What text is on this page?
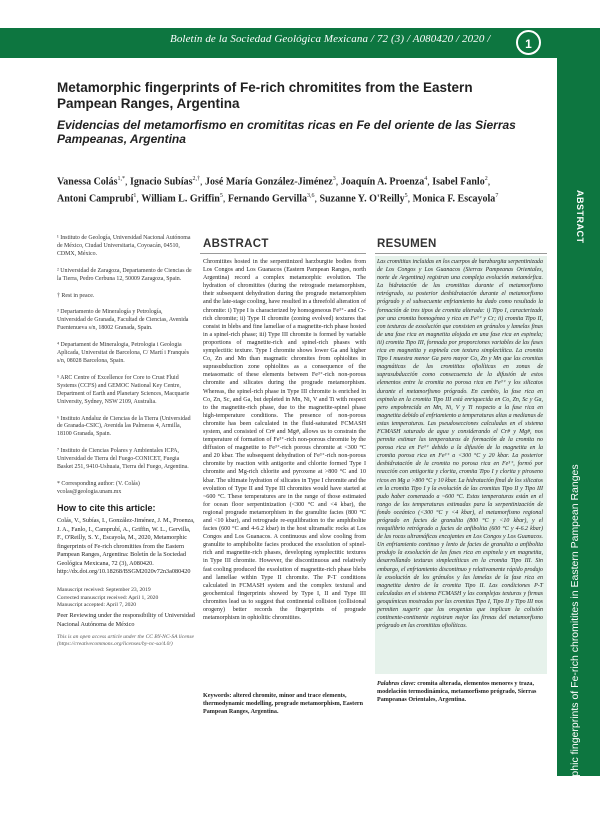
Boletín de la Sociedad Geológica Mexicana / 72 (3) / A080420 / 2020 /	1
ABSTRACT
Metamorphic fingerprints of Fe-rich chromitites in Eastern Pampean Ranges
Metamorphic fingerprints of Fe-rich chromitites from the Eastern Pampean Ranges, Argentina
Evidencias del metamorfismo en cromititas ricas en Fe del oriente de las Sierras Pampeanas, Argentina
Vanessa Colás$^{1,*}$, Ignacio Subías$^{2,\dagger}$, José María González-Jiménez$^3$, Joaquín A. Proenza$^4$, Isabel Fanlo$^2$,
Antoni Camprubí$^1$, William L. Griffin$^5$, Fernando Gervilla$^{3,6}$, Suzanne Y. O'Reilly$^5$, Monica F. Escayola$^7$

¹ Instituto de Geología, Universidad Nacional Autónoma de México, Ciudad Universitaria, Coyoacán, 04510, CDMX, México.

² Universidad de Zaragoza, Departamento de Ciencias de la Tierra, Pedro Cerbuna 12, 50009 Zaragoza, Spain.

† Rest in peace.

³ Departamento de Mineralogía y Petrología, Universidad de Granada, Facultad de Ciencias, Avenida Fuentenueva s/n, 18002 Granada, Spain.

⁴ Departament de Mineralogia, Petrologia i Geologia Aplicada, Universitat de Barcelona, C/ Martí i Franquès s/n, 08028 Barcelona, Spain.

⁵ ARC Centre of Excellence for Core to Crust Fluid Systems (CCFS) and GEMOC National Key Centre, Department of Earth and Planetary Sciences, Macquarie University, Sydney, NSW 2109, Australia.

⁶ Instituto Andaluz de Ciencias de la Tierra (Universidad de Granada-CSIC), Avenida las Palmeras 4, Armilla, 18100 Granada, Spain.

⁷ Instituto de Ciencias Polares y Ambientales ICPA, Universidad de Tierra del Fuego-CONICET, Fuegia Basket 251, 9410-Ushuaia, Tierra del Fuego, Argentina.

* Corresponding author: (V. Colás) vcolas@geologia.unam.mx

How to cite this article:
Colás, V., Subías, I., González-Jiménez, J. M., Proenza, J. A., Fanlo, I., Camprubí, A., Griffin, W. L., Gervilla, F., O'Reilly, S. Y., Escayola, M., 2020, Metamorphic fingerprints of Fe-rich chromitites from the Eastern Pampean Ranges, Argentina: Boletín de la Sociedad Geológica Mexicana, 72 (3), A080420. http://dx.doi.org/10.18268/BSGM2020v72n3a080420
Manuscript received: September 23, 2019
Corrected manuscript received: April 1, 2020
Manuscript accepted: April 7, 2020
Peer Reviewing under the responsibility of Universidad Nacional Autónoma de México
This is an open access article under the CC BY-NC-SA license (https://creativecommons.org/licenses/by-nc-sa/4.0/)
ABSTRACT
Chromitites hosted in the serpentinized harzburgite bodies from Los Congos and Los Guanacos (Eastern Pampean Ranges, north Argentina) record a complex metamorphic evolution. The hydration of chromitites (during the retrograde metamorphism, their subsequent dehydration during the prograde metamorphism and the late-stage cooling, have resulted in a threefold alteration of chromite: i) Type I is characterized by homogeneous Fe³⁺- and Cr-rich chromite; ii) Type II chromite (zoning evolved) textures that consist in blebs and fine lamellae of a magnetite-rich phase hosted in a spinel-rich phase; iii) Type III chromite is formed by variable proportions of magnetite-rich and spinel-rich phases with symplectitic texture. Type I chromite shows lower Ga and higher Co, Zn and Mn than magmatic chromites from ophiolites in suprasubduction zone ophiolites as a consequence of the metasomatic of these elements between Fe³⁺-rich non-porous chromite and silicates during the prograde metamorphism. Whereas, the spinel-rich phase in Type III chromite is enriched in Co, Zn, Sc, and Ga, but depleted in Mn, Ni, V and Ti with respect to the magnetite-rich phase, due to the magnetite-spinel phase high-temperature conditions. The presence of non-porous chromite has been calculated in the fluid-saturated FCMASH system, and consisted of Cr# and Mg#, allows us to constrain the temperature of formation of Fe³⁺-rich non-porous chromite by the diffusion of magnetite to Fe³⁺-rich porous chromite at <300 °C and 20 kbar. The subsequent dehydration of Fe³⁺-rich non-porous chromite by reaction with antigorite and chlorite formed Type I chromite and Mg-rich chlorite and pyroxene at >800 °C and 10 kbar. The ultimate hydration of silicates in Type I chromite and the evolution of Type II and Type III chromites would have started at ~600 °C. These temperatures are in the range of those estimated for ocean floor serpentinization (<300 °C and <4 kbar), the regional prograde metamorphism in the granulite facies (800 °C and <10 kbar), and retrograde re-equilibration to the amphibolite facies (600 °C and 4-6.2 kbar) in the host ultramafic rocks at Los Congos and Los Guanacos. A continuous and slow cooling from granulite to amphibolite facies produced the exsolution of spinel-rich and magnetite-rich phases, developing symplectitic textures in Type III chromite. However, the discontinuous and relatively fast cooling produced the exsolution of magnetite-rich phase blebs and lamellae within Type II chromite. The P-T conditions calculated in FCMASH system and the complex textural and geochemical fingerprints showed by Type I, II and Type III chromites lead us to suggest that continental collision (collisional orogeny) better records the fingerprints of prograde metamorphism in ophiolitic chromitites.
Keywords: altered chromite, minor and trace elements, thermodynamic modelling, prograde metamorphism, Eastern Pampean Ranges, Argentina.
RESUMEN
Las cromititas incluidas en los cuerpos de harzburgita serpentinizada de Los Congos y Los Guanacos (Sierras Pampeanas Orientales, norte de Argentina) registran una compleja evolución metamórfica. La hidratación de las cromititas durante el metamorfismo retrógrado, su posterior deshidratación durante el metamorfismo prógrado y el subsecuente enfriamiento ha dado como resultado la formación de tres tipos de cromita alterada: i) Tipo I, caracterizado por una cromita homogénea y rica en Fe³⁺ y Cr; ii) cromita Tipo II, con texturas de exsolución que consisten en gránulos y lamelas finas de una fase rica en magnetita alojada en una fase rica en espinela; iii) cromita Tipo III, formada por proporciones variables de las fases rica en magnetita y espinela con textura simplectítica. La cromita Tipo I muestra menor Ga pero mayor Co, Zn y Mn que las cromitas magmáticas de las cromititas ofiolíticas en zonas de suprasubducción como consecuencia de la difusión de estos elementos entre la cromita no porosa rica en Fe³⁺ y los silicatos durante el metamorfismo prógrado. En cambio, la fase rica en espinela en la cromita Tipo III está enriquecida en Co, Zn, Sc y Ga, pero empobrecida en Mn, Ni, V y Ti respecto a la fase rica en magnetita debido al enfriamiento a temperaturas altas a medianas de estas temperaturas. Las pseudosecciones calculadas en el sistema FCMASH saturado de agua y considerando el Cr# y Mg#, nos permite estimar las temperaturas de formación de la cromita no porosa rica en Fe³⁺ debido a la difusión de la magnetita en la cromita porosa rica en Fe³⁺ a <300 °C y 20 kbar. La posterior deshidratación de la cromita no porosa rica en Fe³⁺, formó por reacción con antigorita y clorita, cromita Tipo I y clorita y piroxeno ricos en Mg a >800 °C y 10 kbar. La hidratación final de los silicatos en la cromita Tipo I y la evolución de las cromitas Tipo II y Tipo III pudo haber comenzado a ~600 °C. Estas temperaturas están en el rango de las temperaturas estimadas para la serpentinización de fondo oceánico (<300 °C y <4 kbar), el metamorfismo regional prógrado en facies de granulita (800 °C y <10 kbar), y el reequilibrio retrógrado a facies de anfibolita (600 °C y 4-6.2 kbar) de las rocas ultramáficas encajantes en Los Congos y Los Guanacos. Un enfriamiento continuo y lento de facies de granulita a anfibolita produjo la exsolución de las fases rica en espinela y en magnetita, desarrollando texturas simplectíticas en la cromita Tipo III. Sin embargo, el enfriamiento discontinuo y relativamente rápido produjo la exsolución de los gránulos y las lamelas de la fase rica en magnetita dentro de la cromita Tipo II. Las condiciones P-T calculadas en el sistema FCMASH y las complejas texturas y firmas geoquímicas mostradas por las cromitas Tipo I, Tipo II y Tipo III nos permiten sugerir que las orogenias que implican la colisión continente-continente registran mejor las firmas del metamorfismo prógrado en las cromititas ofiolíticas.
Palabras clave: cromita alterada, elementos menores y traza, modelación termodinámica, metamorfismo prógrado, Sierras Pampeanas Orientales, Argentina.
